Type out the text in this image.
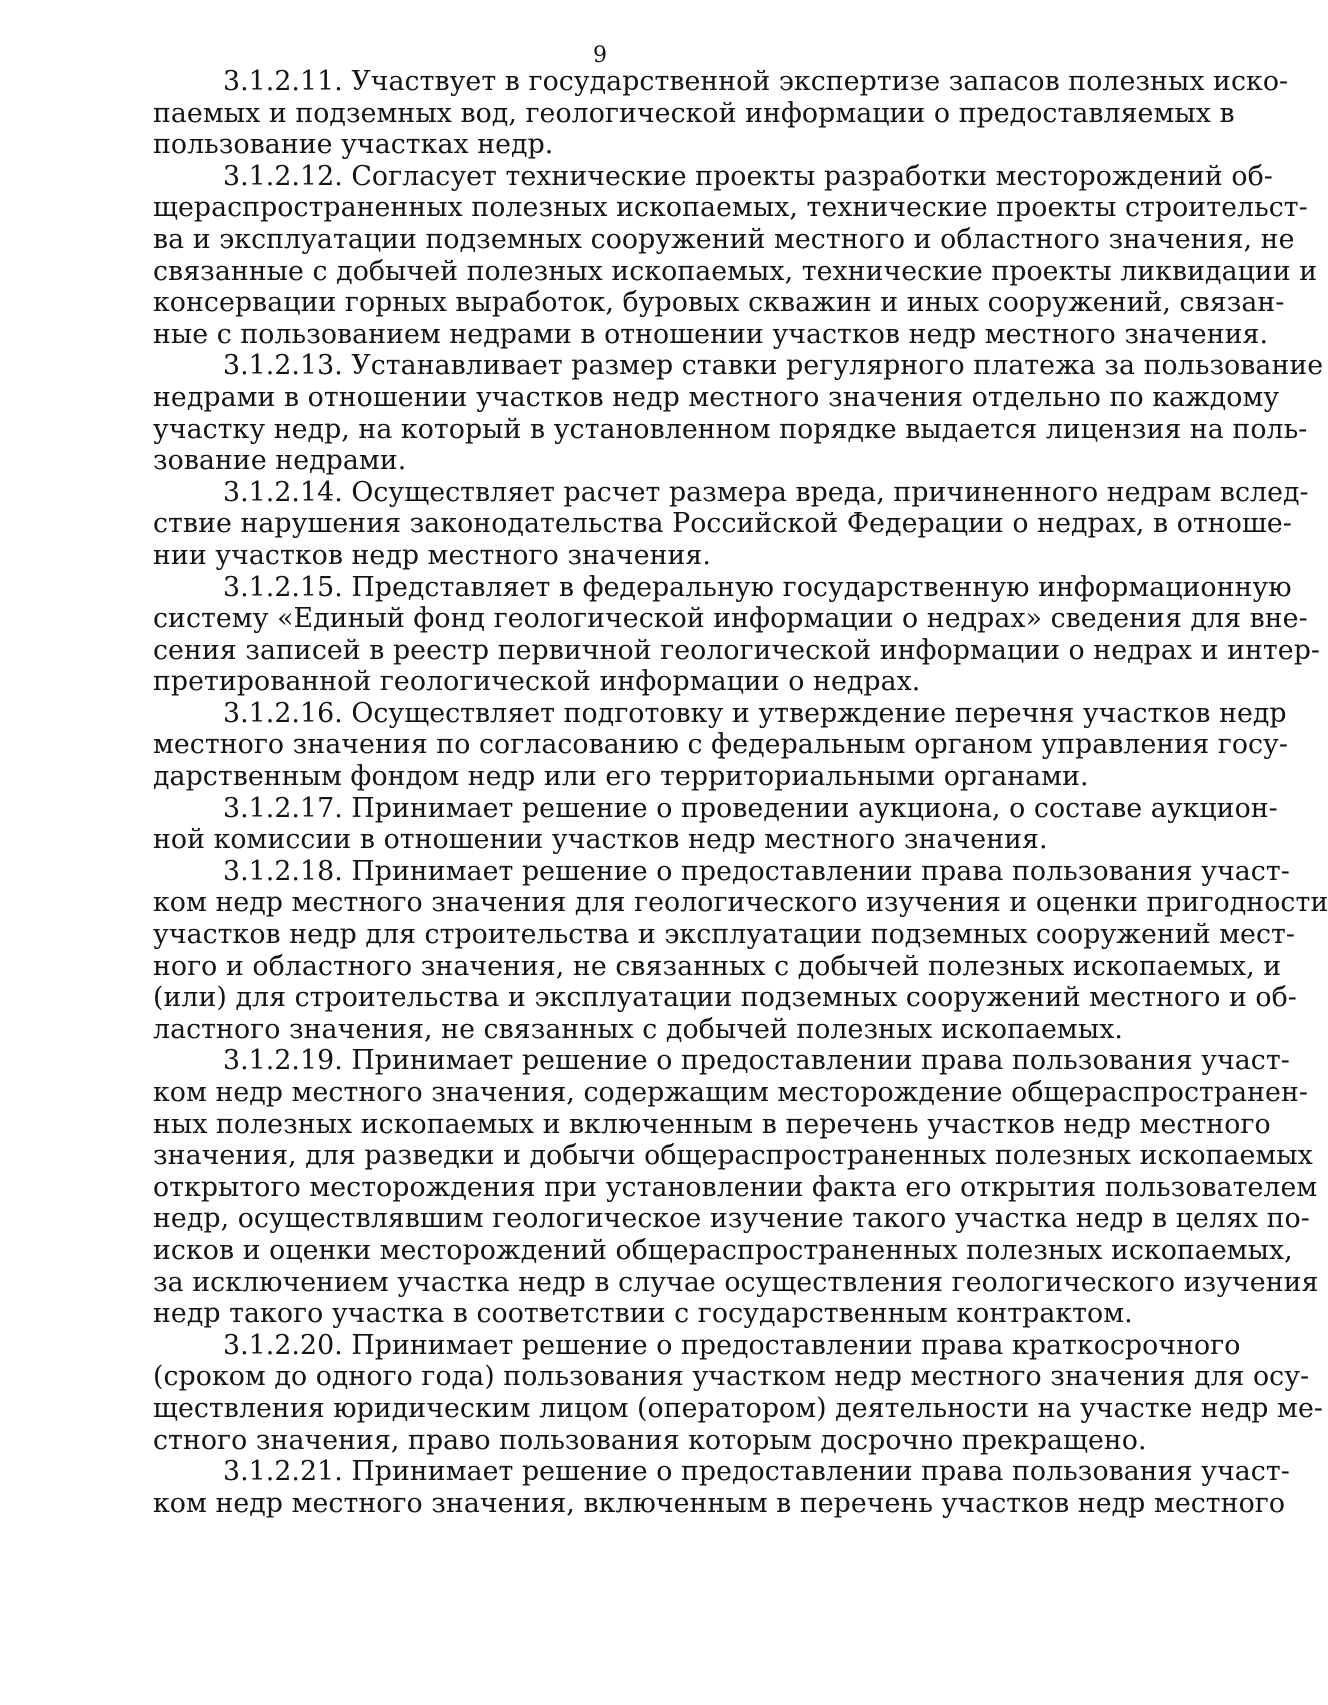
9
3.1.2.11. Участвует в государственной экспертизе запасов полезных иско-
паемых и подземных вод, геологической информации о предоставляемых в
пользование участках недр.
3.1.2.12. Согласует технические проекты разработки месторождений об-
щераспространенных полезных ископаемых, технические проекты строительст-
ва и эксплуатации подземных сооружений местного и областного значения, не
связанные с добычей полезных ископаемых, технические проекты ликвидации и
консервации горных выработок, буровых скважин и иных сооружений, связан-
ные с пользованием недрами в отношении участков недр местного значения.
3.1.2.13. Устанавливает размер ставки регулярного платежа за пользование
недрами в отношении участков недр местного значения отдельно по каждому
участку недр, на который в установленном порядке выдается лицензия на поль-
зование недрами.
3.1.2.14. Осуществляет расчет размера вреда, причиненного недрам вслед-
ствие нарушения законодательства Российской Федерации о недрах, в отноше-
нии участков недр местного значения.
3.1.2.15. Представляет в федеральную государственную информационную
систему «Единый фонд геологической информации о недрах» сведения для вне-
сения записей в реестр первичной геологической информации о недрах и интер-
претированной геологической информации о недрах.
3.1.2.16. Осуществляет подготовку и утверждение перечня участков недр
местного значения по согласованию с федеральным органом управления госу-
дарственным фондом недр или его территориальными органами.
3.1.2.17. Принимает решение о проведении аукциона, о составе аукцион-
ной комиссии в отношении участков недр местного значения.
3.1.2.18. Принимает решение о предоставлении права пользования участ-
ком недр местного значения для геологического изучения и оценки пригодности
участков недр для строительства и эксплуатации подземных сооружений мест-
ного и областного значения, не связанных с добычей полезных ископаемых, и
(или) для строительства и эксплуатации подземных сооружений местного и об-
ластного значения, не связанных с добычей полезных ископаемых.
3.1.2.19. Принимает решение о предоставлении права пользования участ-
ком недр местного значения, содержащим месторождение общераспространен-
ных полезных ископаемых и включенным в перечень участков недр местного
значения, для разведки и добычи общераспространенных полезных ископаемых
открытого месторождения при установлении факта его открытия пользователем
недр, осуществлявшим геологическое изучение такого участка недр в целях по-
исков и оценки месторождений общераспространенных полезных ископаемых,
за исключением участка недр в случае осуществления геологического изучения
недр такого участка в соответствии с государственным контрактом.
3.1.2.20. Принимает решение о предоставлении права краткосрочного
(сроком до одного года) пользования участком недр местного значения для осу-
ществления юридическим лицом (оператором) деятельности на участке недр ме-
стного значения, право пользования которым досрочно прекращено.
3.1.2.21. Принимает решение о предоставлении права пользования участ-
ком недр местного значения, включенным в перечень участков недр местного
